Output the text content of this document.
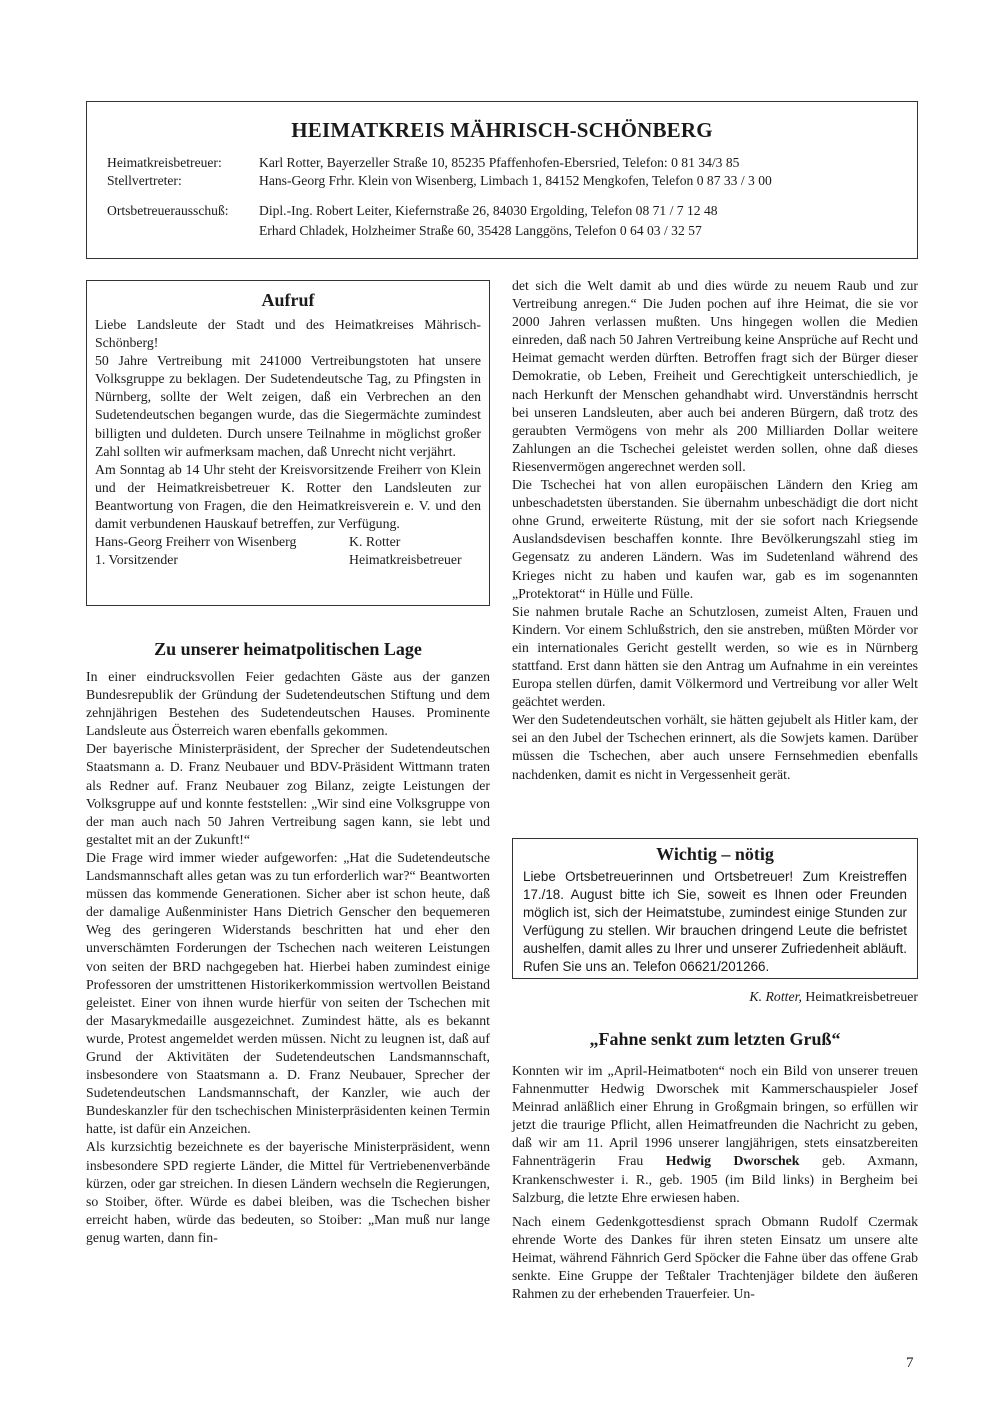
HEIMATKREIS MÄHRISCH-SCHÖNBERG
Heimatkreisbetreuer:	Karl Rotter, Bayerzeller Straße 10, 85235 Pfaffenhofen-Ebersried, Telefon: 0 81 34/3 85
Stellvertreter:	Hans-Georg Frhr. Klein von Wisenberg, Limbach 1, 84152 Mengkofen, Telefon 0 87 33 / 3 00
Ortsbetreuerausschuß: Dipl.-Ing. Robert Leiter, Kiefernstraße 26, 84030 Ergolding, Telefon 08 71 / 7 12 48
Erhard Chladek, Holzheimer Straße 60, 35428 Langgöns, Telefon 0 64 03 / 32 57
Aufruf

Liebe Landsleute der Stadt und des Heimatkreises Mährisch-Schönberg!

50 Jahre Vertreibung mit 241000 Vertreibungstoten hat unsere Volksgruppe zu beklagen. Der Sudetendeutsche Tag, zu Pfingsten in Nürnberg, sollte der Welt zeigen, daß ein Verbrechen an den Sudetendeutschen begangen wurde, das die Siegermächte zumindest billigten und duldeten. Durch unsere Teilnahme in möglichst großer Zahl sollten wir aufmerksam machen, daß Unrecht nicht verjährt.

Am Sonntag ab 14 Uhr steht der Kreisvorsitzende Freiherr von Klein und der Heimatkreisbetreuer K. Rotter den Landsleuten zur Beantwortung von Fragen, die den Heimatkreisverein e. V. und den damit verbundenen Hauskauf betreffen, zur Verfügung.

Hans-Georg Freiherr von Wisenberg	K. Rotter
1. Vorsitzender	Heimatkreisbetreuer
Zu unserer heimatpolitischen Lage

In einer eindrucksvollen Feier gedachten Gäste aus der ganzen Bundesrepublik der Gründung der Sudetendeutschen Stiftung und dem zehnjährigen Bestehen des Sudetendeutschen Hauses. Prominente Landsleute aus Österreich waren ebenfalls gekommen.

Der bayerische Ministerpräsident, der Sprecher der Sudetendeutschen Staatsmann a. D. Franz Neubauer und BDV-Präsident Wittmann traten als Redner auf. Franz Neubauer zog Bilanz, zeigte Leistungen der Volksgruppe auf und konnte feststellen: „Wir sind eine Volksgruppe von der man auch nach 50 Jahren Vertreibung sagen kann, sie lebt und gestaltet mit an der Zukunft!“

Die Frage wird immer wieder aufgeworfen: „Hat die Sudetendeutsche Landsmannschaft alles getan was zu tun erforderlich war?“ Beantworten müssen das kommende Generationen. Sicher aber ist schon heute, daß der damalige Außenminister Hans Dietrich Genscher den bequemeren Weg des geringeren Widerstands beschritten hat und eher den unverschämten Forderungen der Tschechen nach weiteren Leistungen von seiten der BRD nachgegeben hat. Hierbei haben zumindest einige Professoren der umstrittenen Historikerkommission wertvollen Beistand geleistet. Einer von ihnen wurde hierfür von seiten der Tschechen mit der Masarykmedaille ausgezeichnet. Zumindest hätte, als es bekannt wurde, Protest angemeldet werden müssen. Nicht zu leugnen ist, daß auf Grund der Aktivitäten der Sudetendeutschen Landsmannschaft, insbesondere von Staatsmann a. D. Franz Neubauer, Sprecher der Sudetendeutschen Landsmannschaft, der Kanzler, wie auch der Bundeskanzler für den tschechischen Ministerpräsidenten keinen Termin hatte, ist dafür ein Anzeichen.

Als kurzsichtig bezeichnete es der bayerische Ministerpräsident, wenn insbesondere SPD regierte Länder, die Mittel für Vertriebenenverbände kürzen, oder gar streichen. In diesen Ländern wechseln die Regierungen, so Stoiber, öfter. Würde es dabei bleiben, was die Tschechen bisher erreicht haben, würde das bedeuten, so Stoiber: „Man muß nur lange genug warten, dann fin-

det sich die Welt damit ab und dies würde zu neuem Raub und zur Vertreibung anregen.“ Die Juden pochen auf ihre Heimat, die sie vor 2000 Jahren verlassen mußten. Uns hingegen wollen die Medien einreden, daß nach 50 Jahren Vertreibung keine Ansprüche auf Recht und Heimat gemacht werden dürften. Betroffen fragt sich der Bürger dieser Demokratie, ob Leben, Freiheit und Gerechtigkeit unterschiedlich, je nach Herkunft der Menschen gehandhabt wird. Unverständnis herrscht bei unseren Landsleuten, aber auch bei anderen Bürgern, daß trotz des geraubten Vermögens von mehr als 200 Milliarden Dollar weitere Zahlungen an die Tschechei geleistet werden sollen, ohne daß dieses Riesenvermögen angerechnet werden soll.

Die Tschechei hat von allen europäischen Ländern den Krieg am unbeschadetsten überstanden. Sie übernahm unbeschädigt die dort nicht ohne Grund, erweiterte Rüstung, mit der sie sofort nach Kriegsende Auslandsdevisen beschaffen konnte. Ihre Bevölkerungszahl stieg im Gegensatz zu anderen Ländern. Was im Sudetenland während des Krieges nicht zu haben und kaufen war, gab es im sogenannten „Protektorat“ in Hülle und Fülle.

Sie nahmen brutale Rache an Schutzlosen, zumeist Alten, Frauen und Kindern. Vor einem Schlußstrich, den sie anstreben, müßten Mörder vor ein internationales Gericht gestellt werden, so wie es in Nürnberg stattfand. Erst dann hätten sie den Antrag um Aufnahme in ein vereintes Europa stellen dürfen, damit Völkermord und Vertreibung vor aller Welt geächtet werden.

Wer den Sudetendeutschen vorhält, sie hätten gejubelt als Hitler kam, der sei an den Jubel der Tschechen erinnert, als die Sowjets kamen. Darüber müssen die Tschechen, aber auch unsere Fernsehmedien ebenfalls nachdenken, damit es nicht in Vergessenheit gerät.

Wichtig – nötig

Liebe Ortsbetreuerinnen und Ortsbetreuer! Zum Kreistreffen 17./18. August bitte ich Sie, soweit es Ihnen oder Freunden möglich ist, sich der Heimatstube, zumindest einige Stunden zur Verfügung zu stellen. Wir brauchen dringend Leute die befristet aushelfen, damit alles zu Ihrer und unserer Zufriedenheit abläuft. Rufen Sie uns an. Telefon 06621/201266.

K. Rotter, Heimatkreisbetreuer
„Fahne senkt zum letzten Gruß“

Konnten wir im „April-Heimatboten“ noch ein Bild von unserer treuen Fahnenmutter Hedwig Dworschek mit Kammerschauspieler Josef Meinrad anläßlich einer Ehrung in Großgmain bringen, so erfüllen wir jetzt die traurige Pflicht, allen Heimatfreunden die Nachricht zu geben, daß wir am 11. April 1996 unserer langjährigen, stets einsatzbereiten Fahnenträgerin Frau Hedwig Dworschek geb. Axmann, Krankenschwester i. R., geb. 1905 (im Bild links) in Bergheim bei Salzburg, die letzte Ehre erwiesen haben.

Nach einem Gedenkgottesdienst sprach Obmann Rudolf Czermak ehrende Worte des Dankes für ihren steten Einsatz um unsere alte Heimat, während Fähnrich Gerd Spöcker die Fahne über das offene Grab senkte. Eine Gruppe der Teßtaler Trachtenjäger bildete den äußeren Rahmen zu der erhebenden Trauerfeier. Un-

7
